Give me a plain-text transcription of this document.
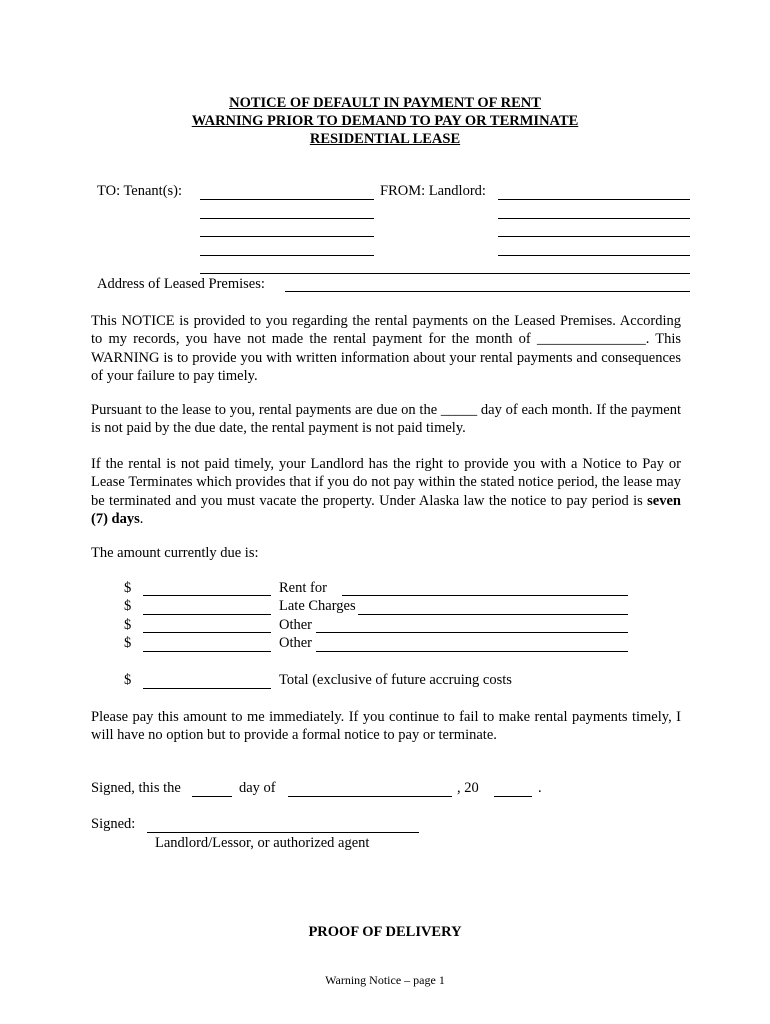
NOTICE OF DEFAULT IN PAYMENT OF RENT
WARNING PRIOR TO DEMAND TO PAY OR TERMINATE
RESIDENTIAL LEASE
TO: Tenant(s):	FROM: Landlord:
Address of Leased Premises:
This NOTICE is provided to you regarding the rental payments on the Leased Premises. According to my records, you have not made the rental payment for the month of _______________. This WARNING is to provide you with written information about your rental payments and consequences of your failure to pay timely.
Pursuant to the lease to you, rental payments are due on the _____ day of each month. If the payment is not paid by the due date, the rental payment is not paid timely.
If the rental is not paid timely, your Landlord has the right to provide you with a Notice to Pay or Lease Terminates which provides that if you do not pay within the stated notice period, the lease may be terminated and you must vacate the property. Under Alaska law the notice to pay period is seven (7) days.
The amount currently due is:
$	Rent for
$	Late Charges
$	Other
$	Other
$	Total (exclusive of future accruing costs
Please pay this amount to me immediately. If you continue to fail to make rental payments timely, I will have no option but to provide a formal notice to pay or terminate.
Signed, this the	day of	, 20	.
Signed:
Landlord/Lessor, or authorized agent
PROOF OF DELIVERY
Warning Notice – page 1
